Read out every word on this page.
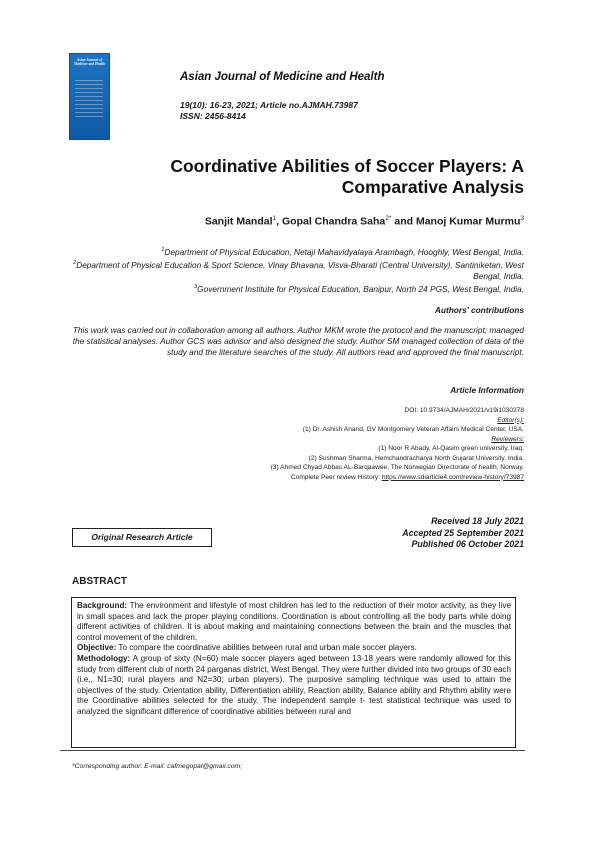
Asian Journal of Medicine and Health
Asian Journal of Medicine and Health
19(10): 16-23, 2021; Article no.AJMAH.73987
ISSN: 2456-8414
Coordinative Abilities of Soccer Players: A Comparative Analysis
Sanjit Mandal$^1$, Gopal Chandra Saha$^{2*}$ and Manoj Kumar Murmu$^3$
$^1$Department of Physical Education, Netaji Mahavidyalaya Arambagh, Hooghly, West Bengal, India.
$^2$Department of Physical Education & Sport Science, Vinay Bhavana, Visva-Bharati (Central University), Santiniketan, West Bengal, India.
$^3$Government Institute for Physical Education, Banipur, North 24 PGS, West Bengal, India.
Authors' contributions
This work was carried out in collaboration among all authors. Author MKM wrote the protocol and the manuscript; managed the statistical analyses. Author GCS was advisor and also designed the study. Author SM managed collection of data of the study and the literature searches of the study. All authors read and approved the final manuscript.
Article Information
DOI: 10.9734/AJMAH/2021/v19i1030378
Editor(s):
(1) Dr. Ashish Anand, GV Montgomery Veteran Affairs Medical Center, USA.
Reviewers:
(1) Noor R Abady, Al-Qasim green university, Iraq.
(2) Sushman Sharma, Hemchandracharya North Gujarat University, India.
(3) Ahmed Chyad Abbas AL-Barqaawee, The Norwegian Directorate of health, Norway.
Complete Peer review History: https://www.sdiarticle4.com/review-history/73987
Received 18 July 2021
Accepted 25 September 2021
Published 06 October 2021
Original Research Article
ABSTRACT

Background: The environment and lifestyle of most children has led to the reduction of their motor activity, as they live in small spaces and lack the proper playing conditions. Coordination is about controlling all the body parts while doing different activities of children. It is about making and maintaining connections between the brain and the muscles that control movement of the children.

Objective: To compare the coordinative abilities between rural and urban male soccer players.

Methodology: A group of sixty (N=60) male soccer players aged between 13-18 years were randomly allowed for this study from different club of north 24 parganas district, West Bengal. They were further divided into two groups of 30 each (i.e., N1=30; rural players and N2=30; urban players). The purposive sampling technique was used to attain the objectives of the study. Orientation ability, Differentiation ability, Reaction ability, Balance ability and Rhythm ability were the Coordinative abilities selected for the study. The independent sample t- test statistical technique was used to analyzed the significant difference of coordinative abilities between rural and

*Corresponding author: E-mail: cafmegopal@gmail.com;
